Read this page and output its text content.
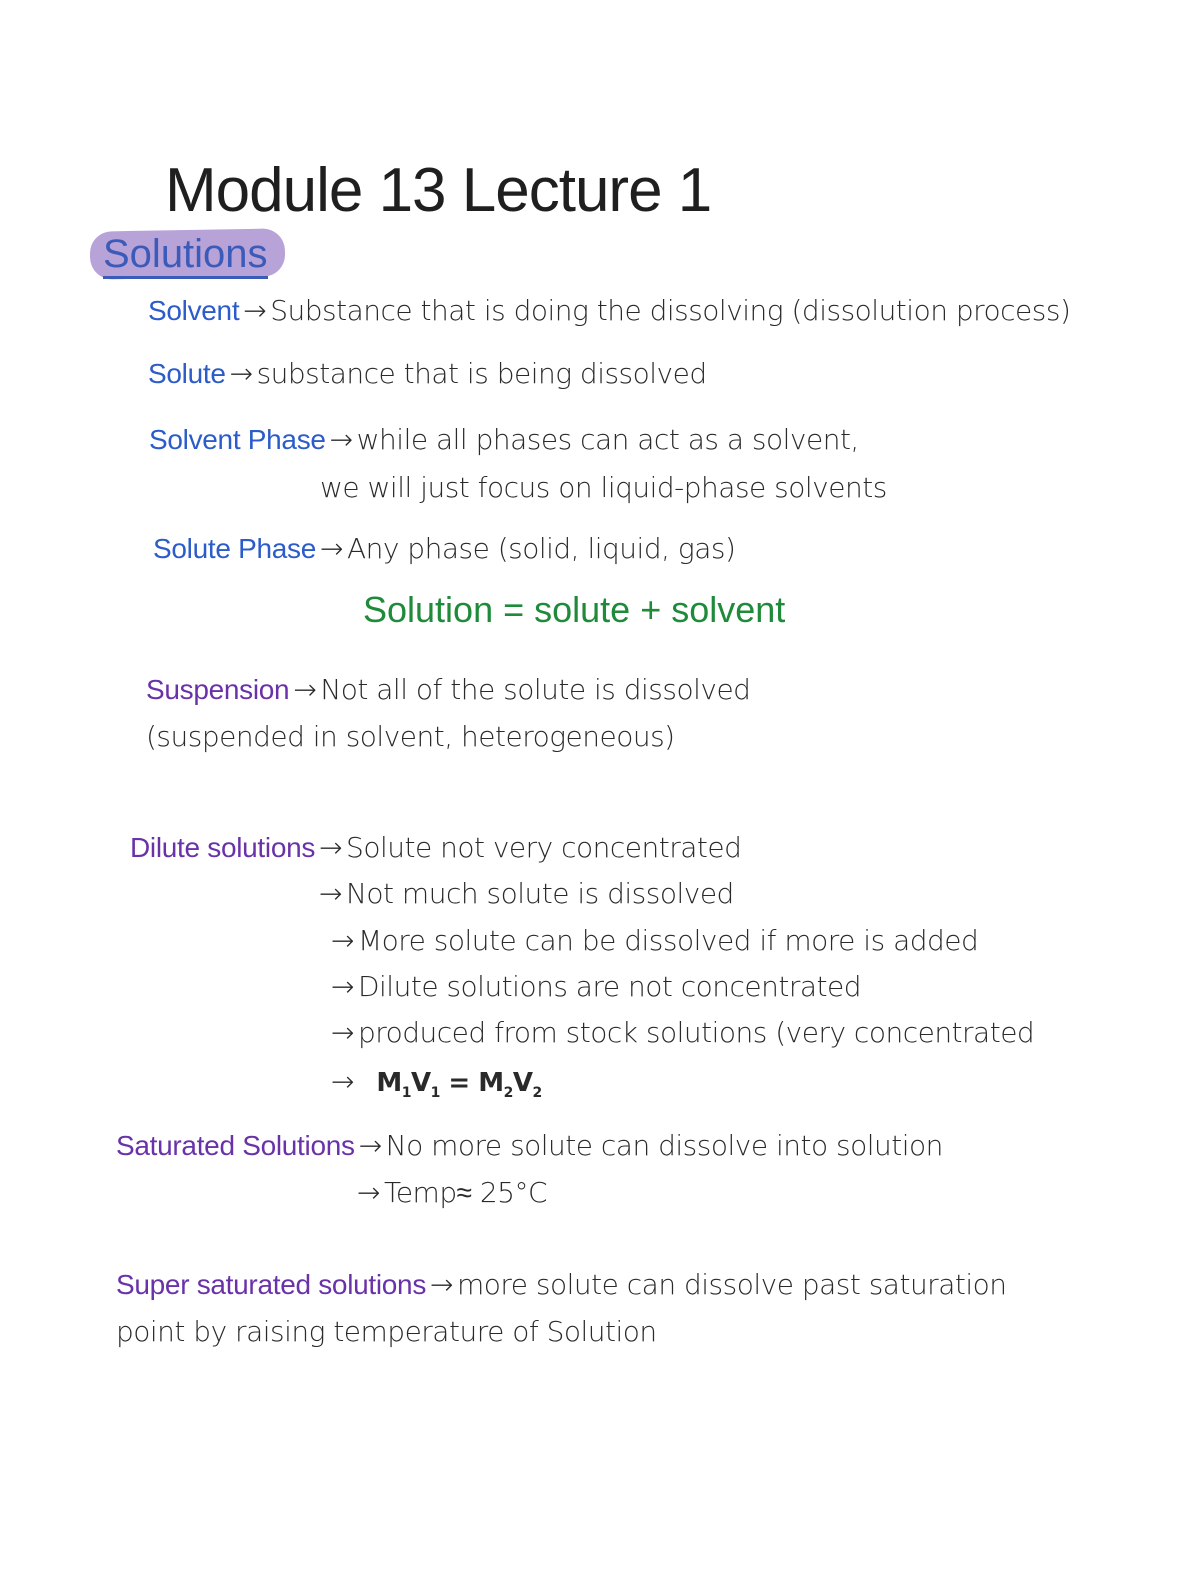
Module 13 Lecture 1
Solutions
Solvent → Substance that is doing the dissolving (dissolution process)
Solute → substance that is being dissolved
Solvent Phase → while all phases can act as a solvent,
we will just focus on liquid-phase solvents
Solute Phase → Any phase (solid, liquid, gas)
Solution = solute + solvent
Suspension → Not all of the solute is dissolved
(suspended in solvent, heterogeneous)
Dilute solutions → Solute not very concentrated
→ Not much solute is dissolved
→ More solute can be dissolved if more is added
→ Dilute solutions are not concentrated
→ produced from stock solutions (very concentrated
→ $M_1V_1 = M_2V_2$
Saturated Solutions → No more solute can dissolve into solution
→ Temp≈ 25°C
Super saturated solutions → more solute can dissolve past saturation
point by raising temperature of Solution
